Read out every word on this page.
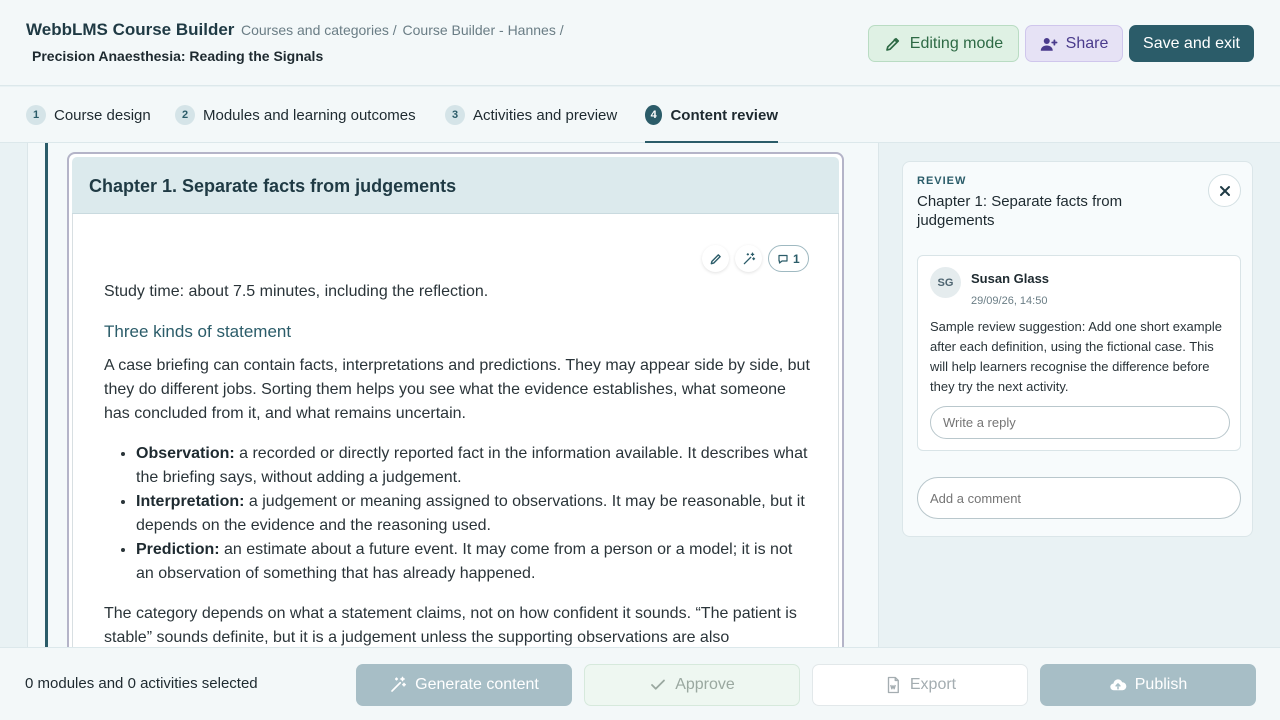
WebbLMS Course Builder Courses and categories / Course Builder - Hannes /
Precision Anaesthesia: Reading the Signals
Editing mode	Share	Save and exit
1 Course design	2 Modules and learning outcomes	3 Activities and preview	4 Content review
Chapter 1. Separate facts from judgements
1

Study time: about 7.5 minutes, including the reflection.

Three kinds of statement

A case briefing can contain facts, interpretations and predictions. They may appear side by side, but they do different jobs. Sorting them helps you see what the evidence establishes, what someone has concluded from it, and what remains uncertain.

• Observation: a recorded or directly reported fact in the information available. It describes what the briefing says, without adding a judgement.
• Interpretation: a judgement or meaning assigned to observations. It may be reasonable, but it depends on the evidence and the reasoning used.
• Prediction: an estimate about a future event. It may come from a person or a model; it is not an observation of something that has already happened.

The category depends on what a statement claims, not on how confident it sounds. “The patient is stable” sounds definite, but it is a judgement unless the supporting observations are also

REVIEW
Chapter 1: Separate facts from judgements
SG	Susan Glass
29/09/26, 14:50
Sample review suggestion: Add one short example after each definition, using the fictional case. This will help learners recognise the difference before they try the next activity.
Write a reply
Add a comment
0 modules and 0 activities selected	Generate content	Approve	Export	Publish
